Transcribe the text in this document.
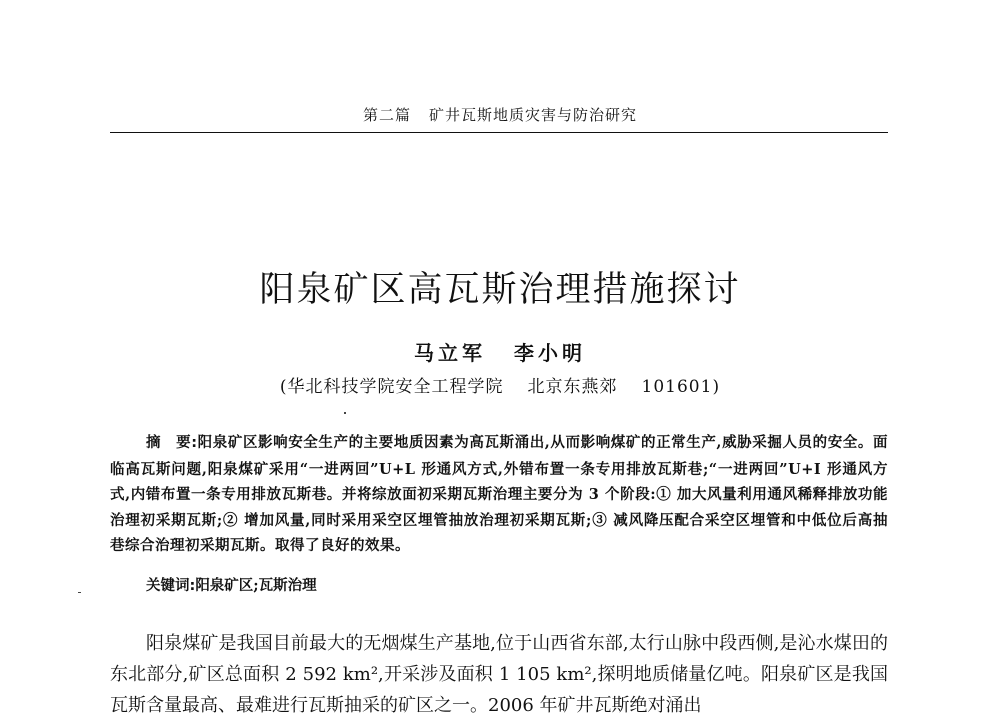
第二篇 矿井瓦斯地质灾害与防治研究
阳泉矿区高瓦斯治理措施探讨
马立军 李小明
(华北科技学院安全工程学院 北京东燕郊 101601)
摘　要:阳泉矿区影响安全生产的主要地质因素为高瓦斯涌出,从而影响煤矿的正常生产,威胁采掘人员的安全。面临高瓦斯问题,阳泉煤矿采用“一进两回”U+L 形通风方式,外错布置一条专用排放瓦斯巷;“一进两回”U+I 形通风方式,内错布置一条专用排放瓦斯巷。并将综放面初采期瓦斯治理主要分为 3 个阶段:① 加大风量利用通风稀释排放功能治理初采期瓦斯;② 增加风量,同时采用采空区埋管抽放治理初采期瓦斯;③ 减风降压配合采空区埋管和中低位后高抽巷综合治理初采期瓦斯。取得了良好的效果。
关键词:阳泉矿区;瓦斯治理
阳泉煤矿是我国目前最大的无烟煤生产基地,位于山西省东部,太行山脉中段西侧,是沁水煤田的东北部分,矿区总面积 2 592 km²,开采涉及面积 1 105 km²,探明地质储量亿吨。阳泉矿区是我国瓦斯含量最高、最难进行瓦斯抽采的矿区之一。2006 年矿井瓦斯绝对涌出
